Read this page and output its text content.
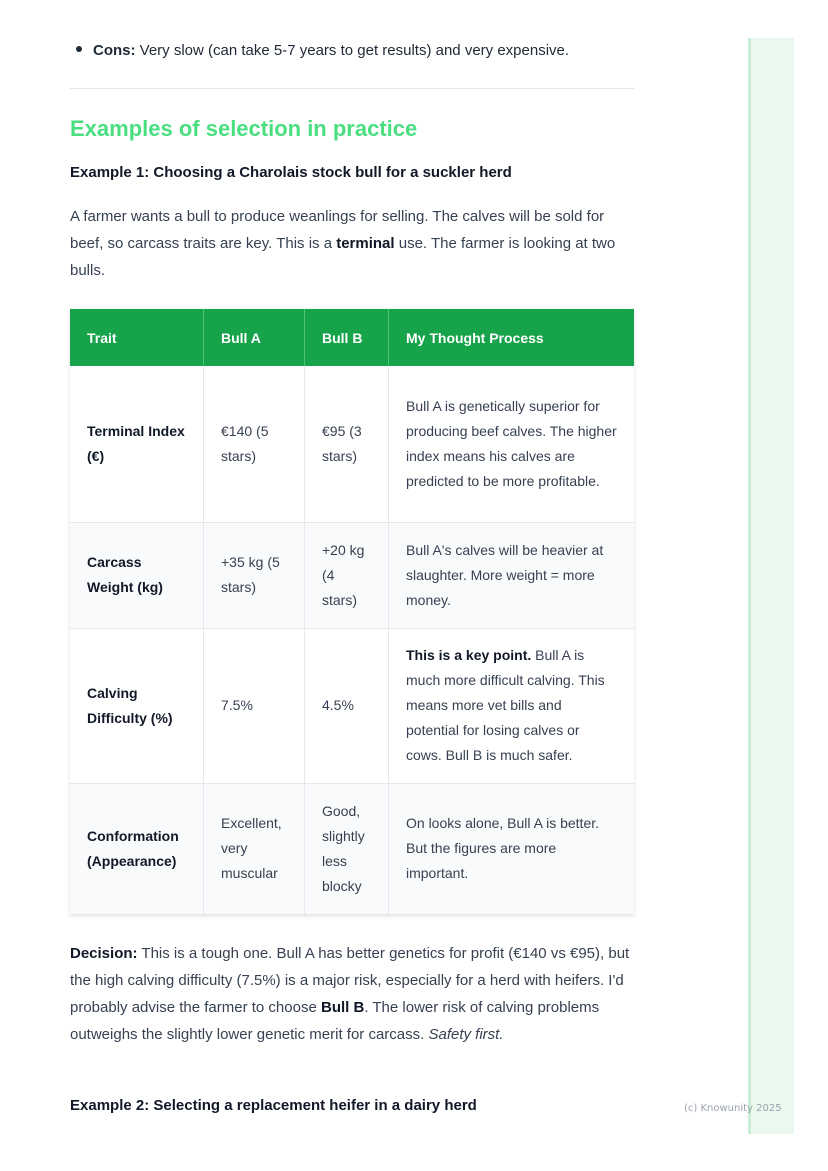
(c) Knowunity 2025
Cons: Very slow (can take 5-7 years to get results) and very expensive.
Examples of selection in practice
Example 1: Choosing a Charolais stock bull for a suckler herd

A farmer wants a bull to produce weanlings for selling. The calves will be sold for beef, so carcass traits are key. This is a terminal use. The farmer is looking at two bulls.

Trait	Bull A	Bull B	My Thought Process
Terminal Index (€)	€140 (5 stars)	€95 (3 stars)	Bull A is genetically superior for producing beef calves. The higher index means his calves are predicted to be more profitable.
Carcass Weight (kg)	+35 kg (5 stars)	+20 kg (4 stars)	Bull A's calves will be heavier at slaughter. More weight = more money.
Calving Difficulty (%)	7.5%	4.5%	This is a key point. Bull A is much more difficult calving. This means more vet bills and potential for losing calves or cows. Bull B is much safer.
Conformation (Appearance)	Excellent, very muscular	Good, slightly less blocky	On looks alone, Bull A is better. But the figures are more important.

Decision: This is a tough one. Bull A has better genetics for profit (€140 vs €95), but the high calving difficulty (7.5%) is a major risk, especially for a herd with heifers. I'd probably advise the farmer to choose Bull B. The lower risk of calving problems outweighs the slightly lower genetic merit for carcass. Safety first.

Example 2: Selecting a replacement heifer in a dairy herd
